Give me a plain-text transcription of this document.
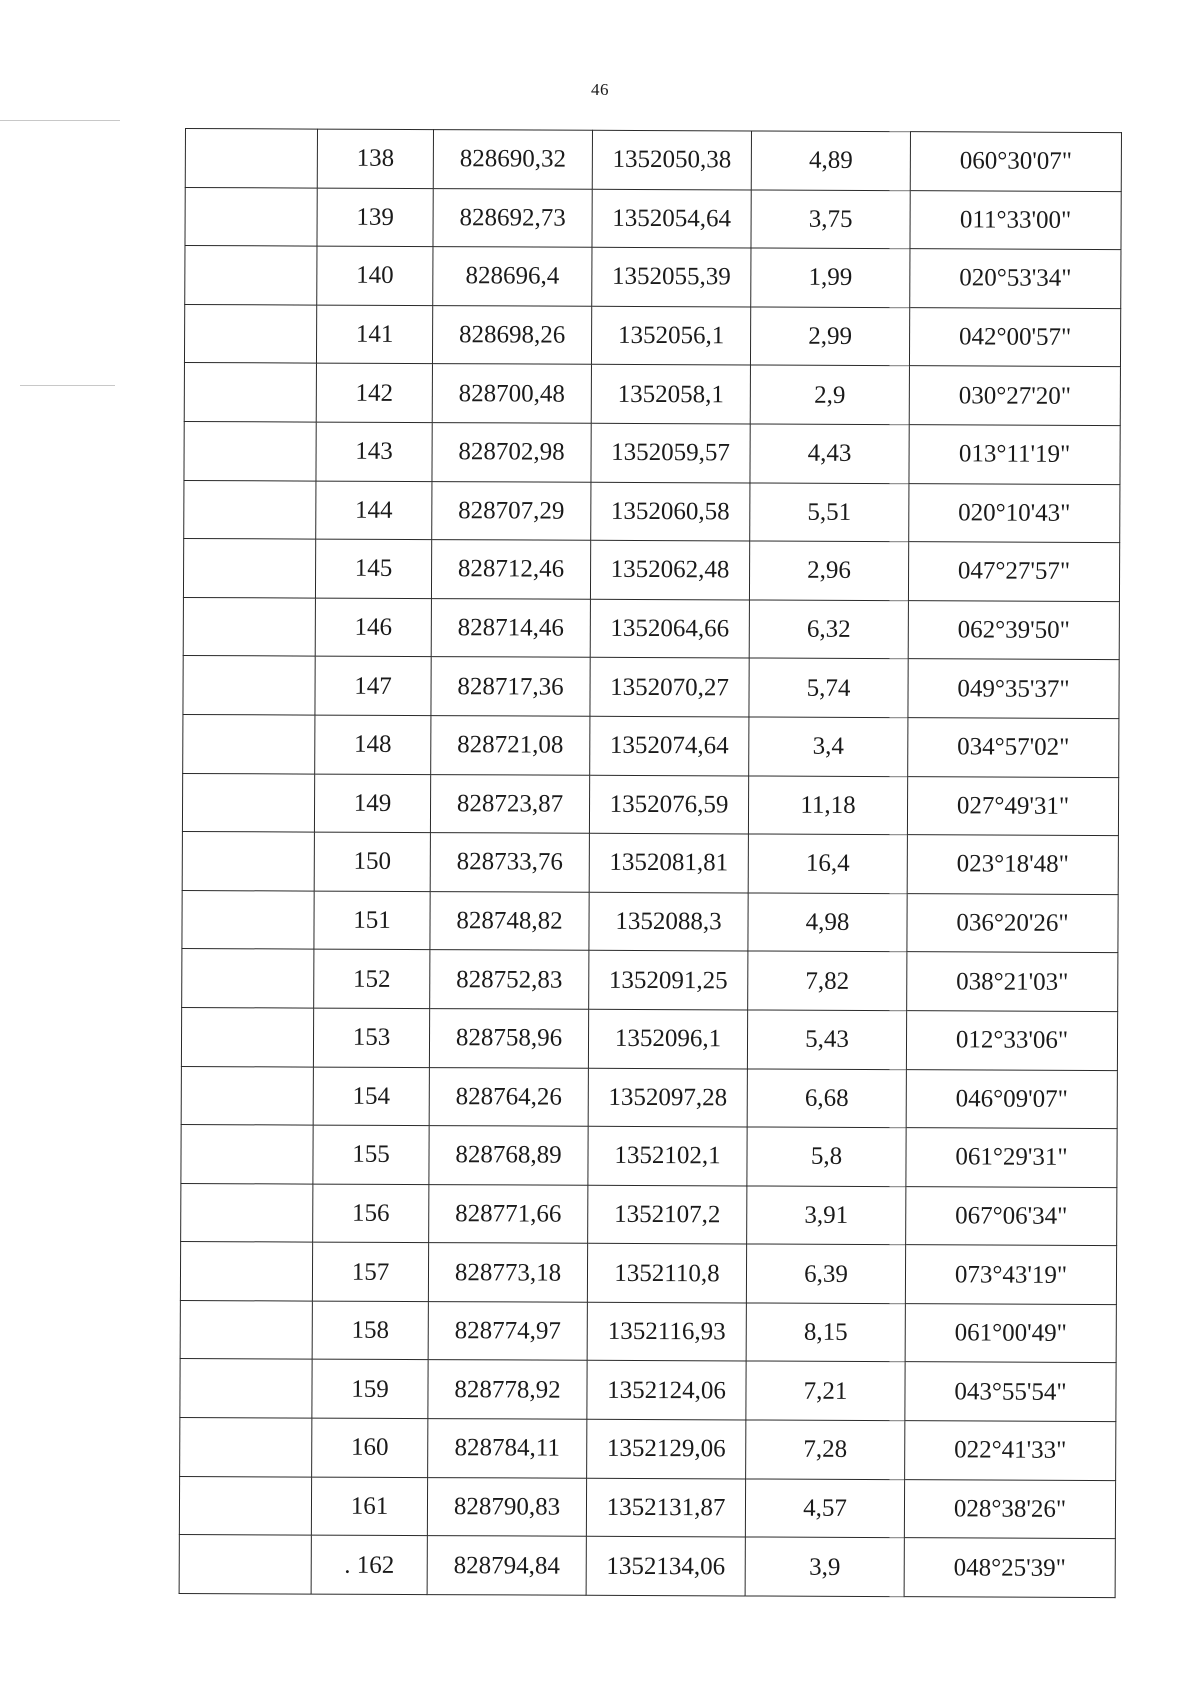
46
	138	828690,32	1352050,38	4,89	060°30'07"
	139	828692,73	1352054,64	3,75	011°33'00"
	140	828696,4	1352055,39	1,99	020°53'34"
	141	828698,26	1352056,1	2,99	042°00'57"
	142	828700,48	1352058,1	2,9	030°27'20"
	143	828702,98	1352059,57	4,43	013°11'19"
	144	828707,29	1352060,58	5,51	020°10'43"
	145	828712,46	1352062,48	2,96	047°27'57"
	146	828714,46	1352064,66	6,32	062°39'50"
	147	828717,36	1352070,27	5,74	049°35'37"
	148	828721,08	1352074,64	3,4	034°57'02"
	149	828723,87	1352076,59	11,18	027°49'31"
	150	828733,76	1352081,81	16,4	023°18'48"
	151	828748,82	1352088,3	4,98	036°20'26"
	152	828752,83	1352091,25	7,82	038°21'03"
	153	828758,96	1352096,1	5,43	012°33'06"
	154	828764,26	1352097,28	6,68	046°09'07"
	155	828768,89	1352102,1	5,8	061°29'31"
	156	828771,66	1352107,2	3,91	067°06'34"
	157	828773,18	1352110,8	6,39	073°43'19"
	158	828774,97	1352116,93	8,15	061°00'49"
	159	828778,92	1352124,06	7,21	043°55'54"
	160	828784,11	1352129,06	7,28	022°41'33"
	161	828790,83	1352131,87	4,57	028°38'26"
	. 162	828794,84	1352134,06	3,9	048°25'39"
